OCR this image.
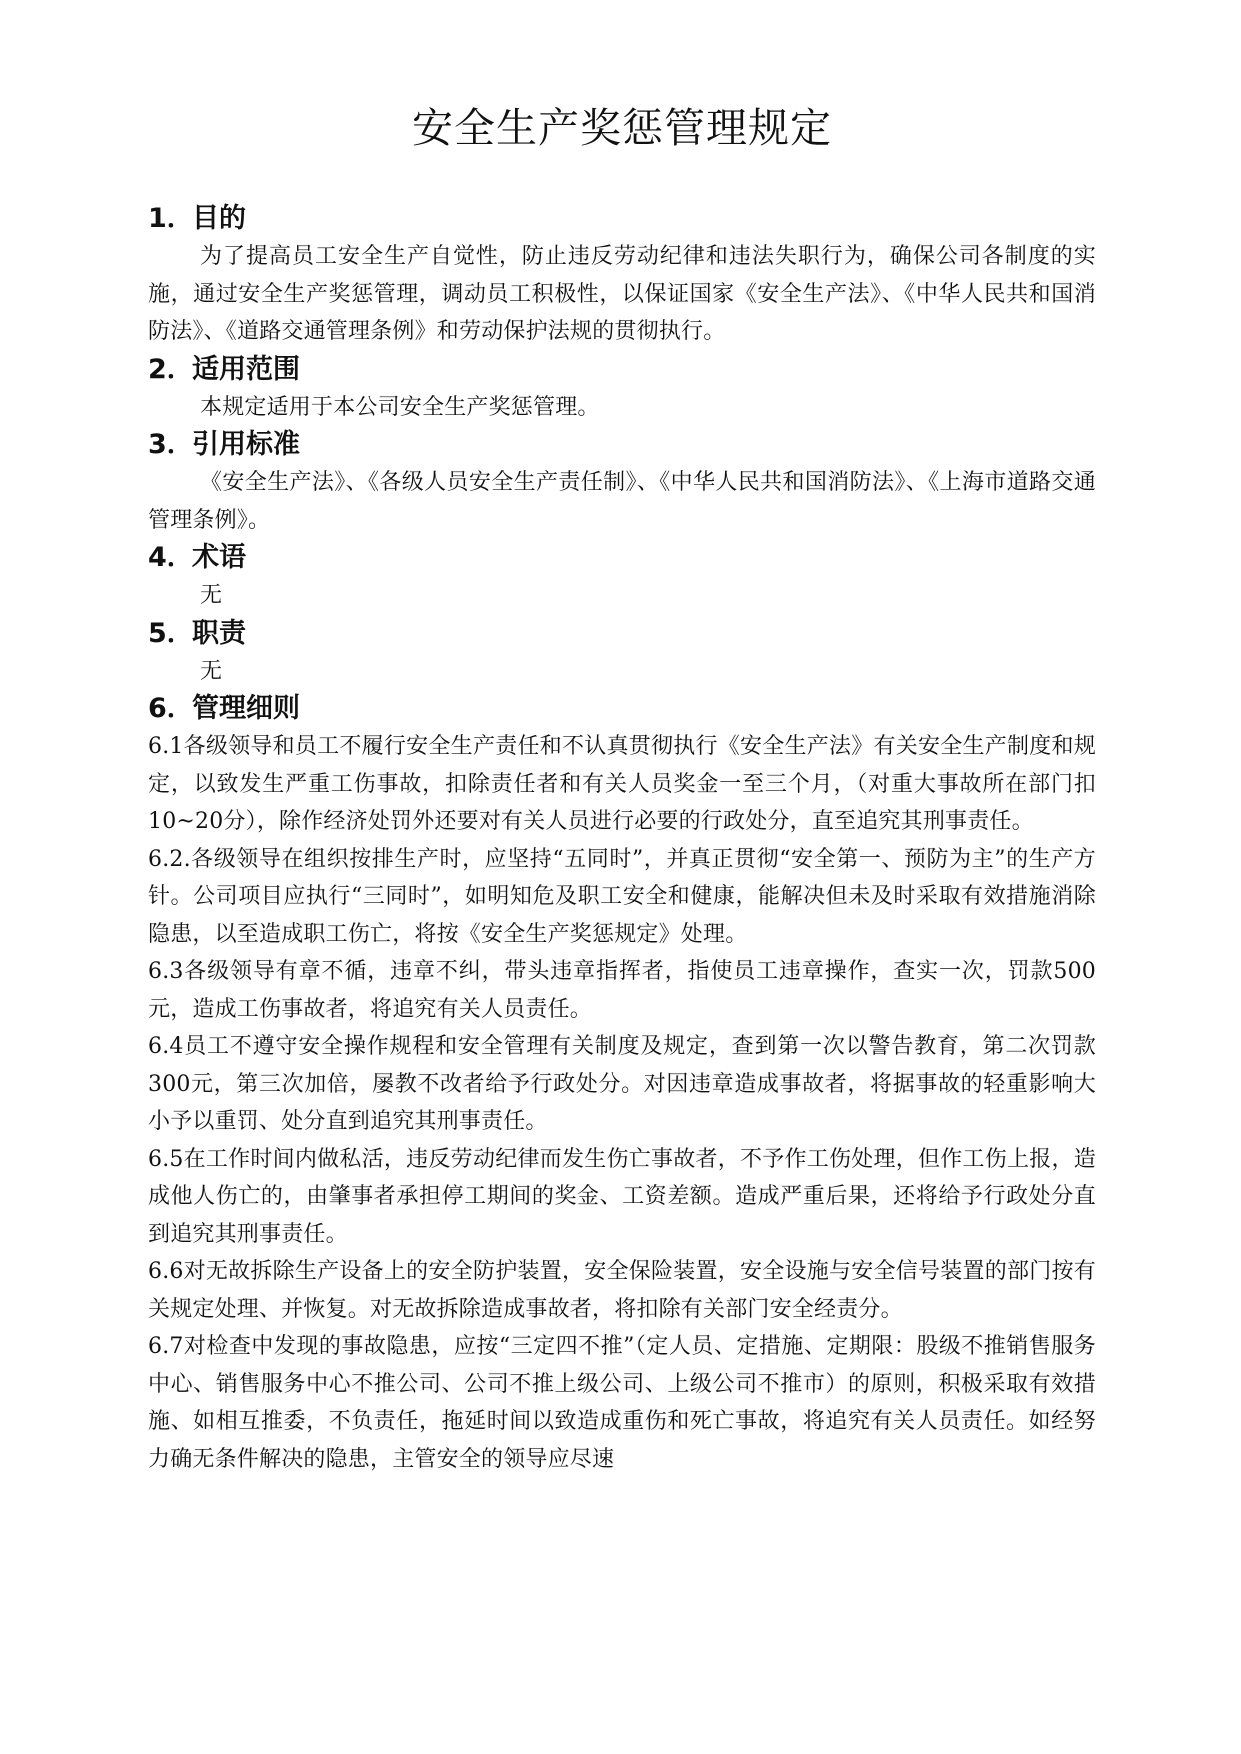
安全生产奖惩管理规定

1．目的

为了提高员工安全生产自觉性，防止违反劳动纪律和违法失职行为，确保公司各制度的实施，通过安全生产奖惩管理，调动员工积极性，以保证国家《安全生产法》、《中华人民共和国消防法》、《道路交通管理条例》和劳动保护法规的贯彻执行。

2．适用范围

本规定适用于本公司安全生产奖惩管理。

3．引用标准

《安全生产法》、《各级人员安全生产责任制》、《中华人民共和国消防法》、《上海市道路交通管理条例》。

4．术语

无

5．职责

无

6．管理细则

6.1各级领导和员工不履行安全生产责任和不认真贯彻执行《安全生产法》有关安全生产制度和规定，以致发生严重工伤事故，扣除责任者和有关人员奖金一至三个月，（对重大事故所在部门扣10~20分），除作经济处罚外还要对有关人员进行必要的行政处分，直至追究其刑事责任。

6.2.各级领导在组织按排生产时，应坚持“五同时”，并真正贯彻“安全第一、预防为主”的生产方针。公司项目应执行“三同时”，如明知危及职工安全和健康，能解决但未及时采取有效措施消除隐患，以至造成职工伤亡，将按《安全生产奖惩规定》处理。

6.3各级领导有章不循，违章不纠，带头违章指挥者，指使员工违章操作，查实一次，罚款500元，造成工伤事故者，将追究有关人员责任。

6.4员工不遵守安全操作规程和安全管理有关制度及规定，查到第一次以警告教育，第二次罚款300元，第三次加倍，屡教不改者给予行政处分。对因违章造成事故者，将据事故的轻重影响大小予以重罚、处分直到追究其刑事责任。

6.5在工作时间内做私活，违反劳动纪律而发生伤亡事故者，不予作工伤处理，但作工伤上报，造成他人伤亡的，由肇事者承担停工期间的奖金、工资差额。造成严重后果，还将给予行政处分直到追究其刑事责任。

6.6对无故拆除生产设备上的安全防护装置，安全保险装置，安全设施与安全信号装置的部门按有关规定处理、并恢复。对无故拆除造成事故者，将扣除有关部门安全经责分。

6.7对检查中发现的事故隐患，应按“三定四不推”（定人员、定措施、定期限：股级不推销售服务中心、销售服务中心不推公司、公司不推上级公司、上级公司不推市）的原则，积极采取有效措施、如相互推委，不负责任，拖延时间以致造成重伤和死亡事故，将追究有关人员责任。如经努力确无条件解决的隐患，主管安全的领导应尽速
